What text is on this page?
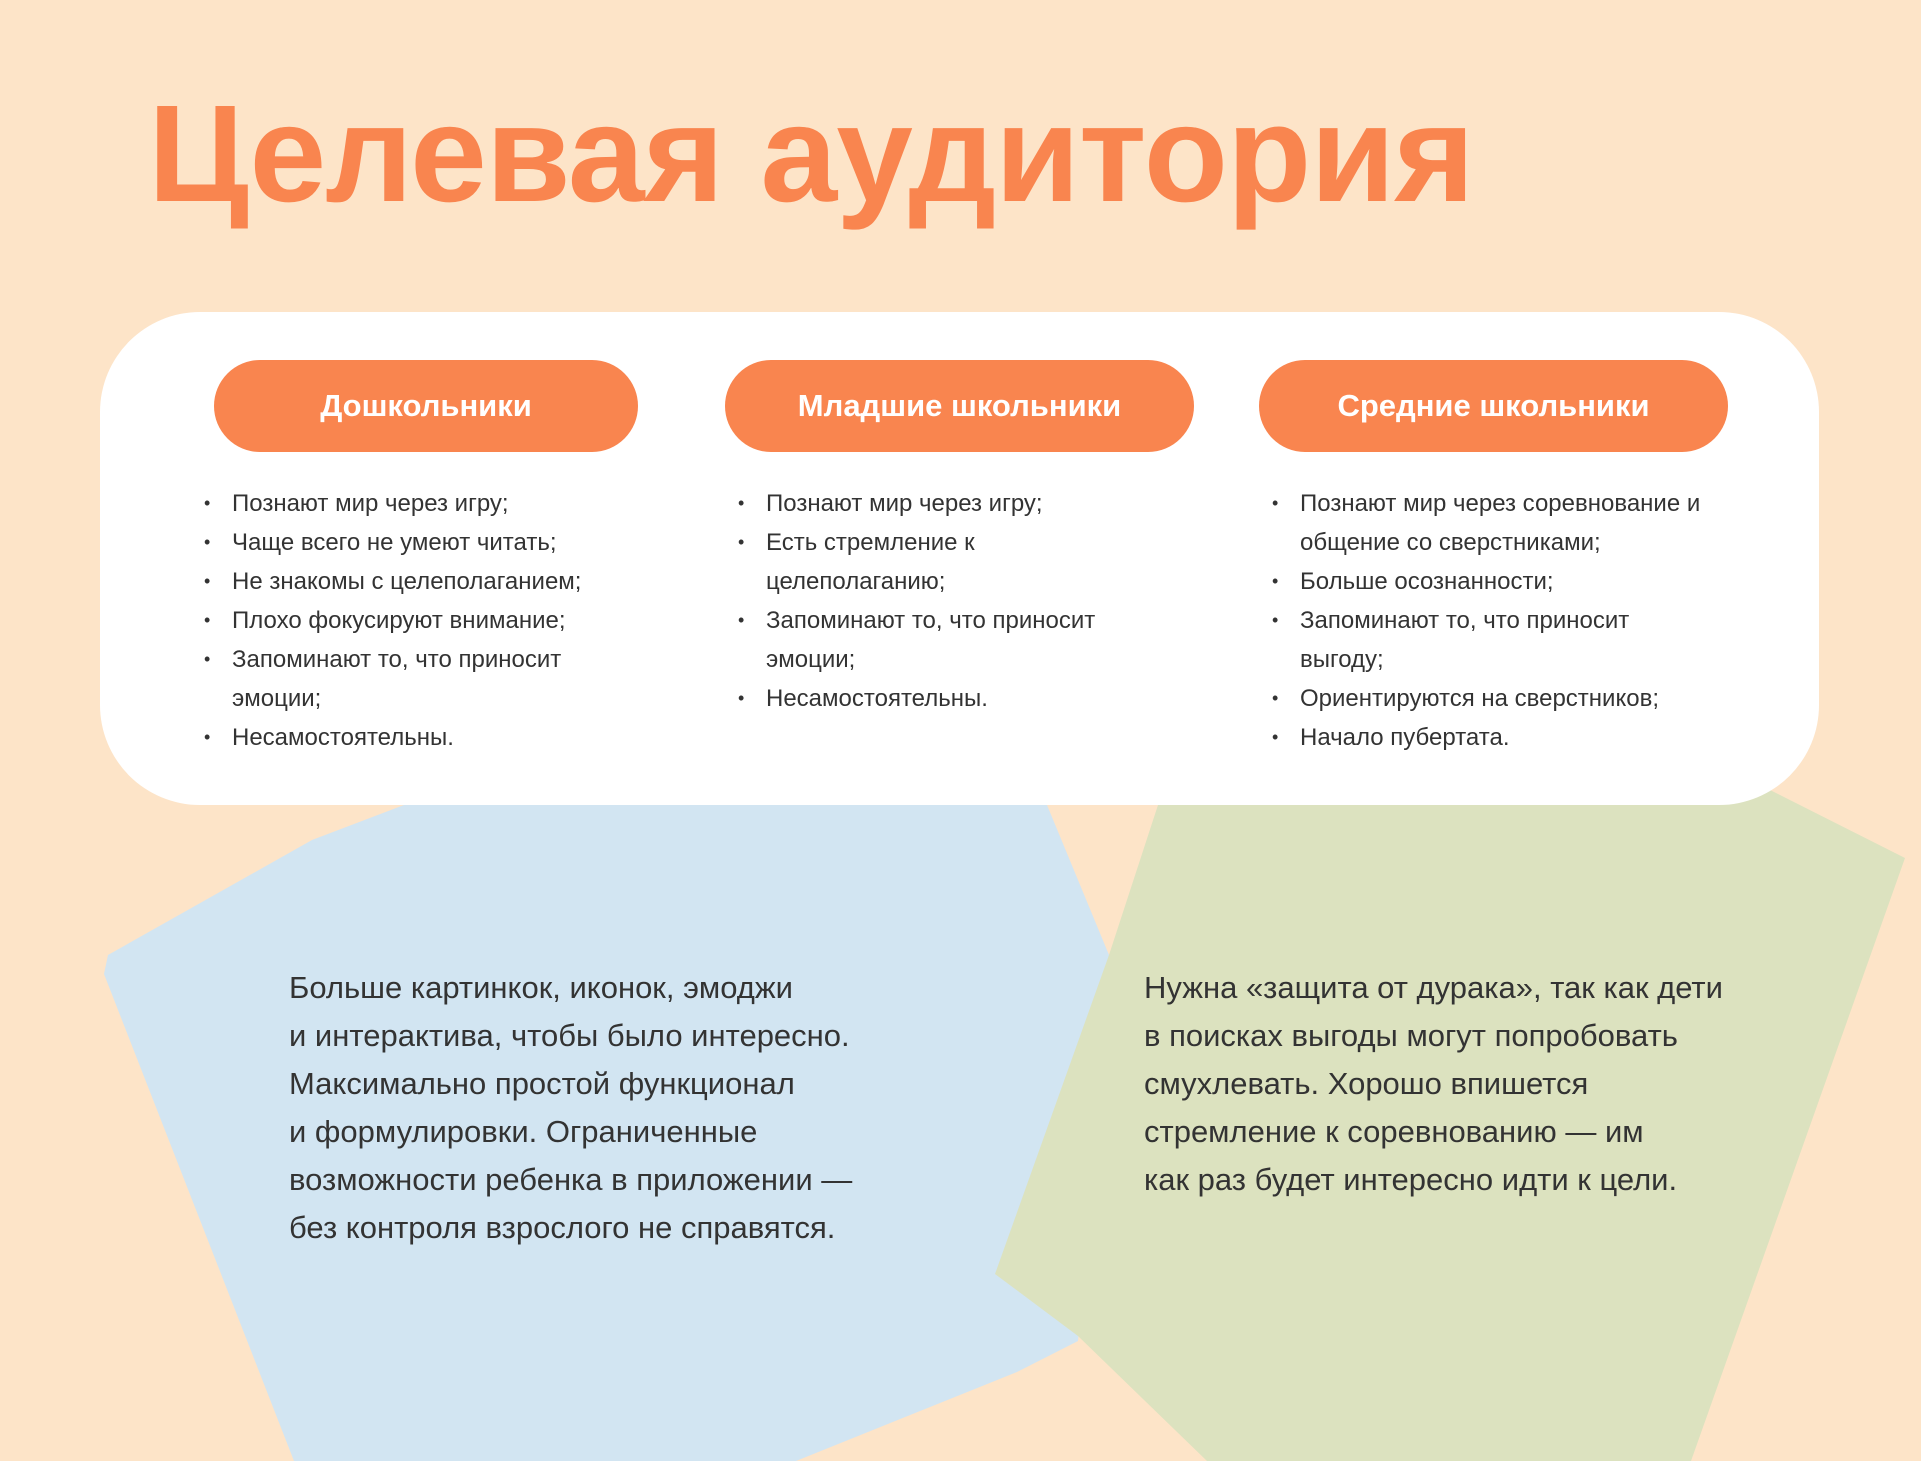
Целевая аудитория
Дошкольники	Младшие школьники	Средние школьники
• Познают мир через игру;
• Чаще всего не умеют читать;
• Не знакомы с целеполаганием;
• Плохо фокусируют внимание;
• Запоминают то, что приносит эмоции;
• Несамостоятельны.
• Познают мир через игру;
• Есть стремление к целеполаганию;
• Запоминают то, что приносит эмоции;
• Несамостоятельны.
• Познают мир через соревнование и общение со сверстниками;
• Больше осознанности;
• Запоминают то, что приносит выгоду;
• Ориентируются на сверстников;
• Начало пубертата.
Больше картинкок, иконок, эмоджи
и интерактива, чтобы было интересно.
Максимально простой функционал
и формулировки. Ограниченные
возможности ребенка в приложении —
без контроля взрослого не справятся.
Нужна «защита от дурака», так как дети
в поисках выгоды могут попробовать
смухлевать. Хорошо впишется
стремление к соревнованию — им
как раз будет интересно идти к цели.
